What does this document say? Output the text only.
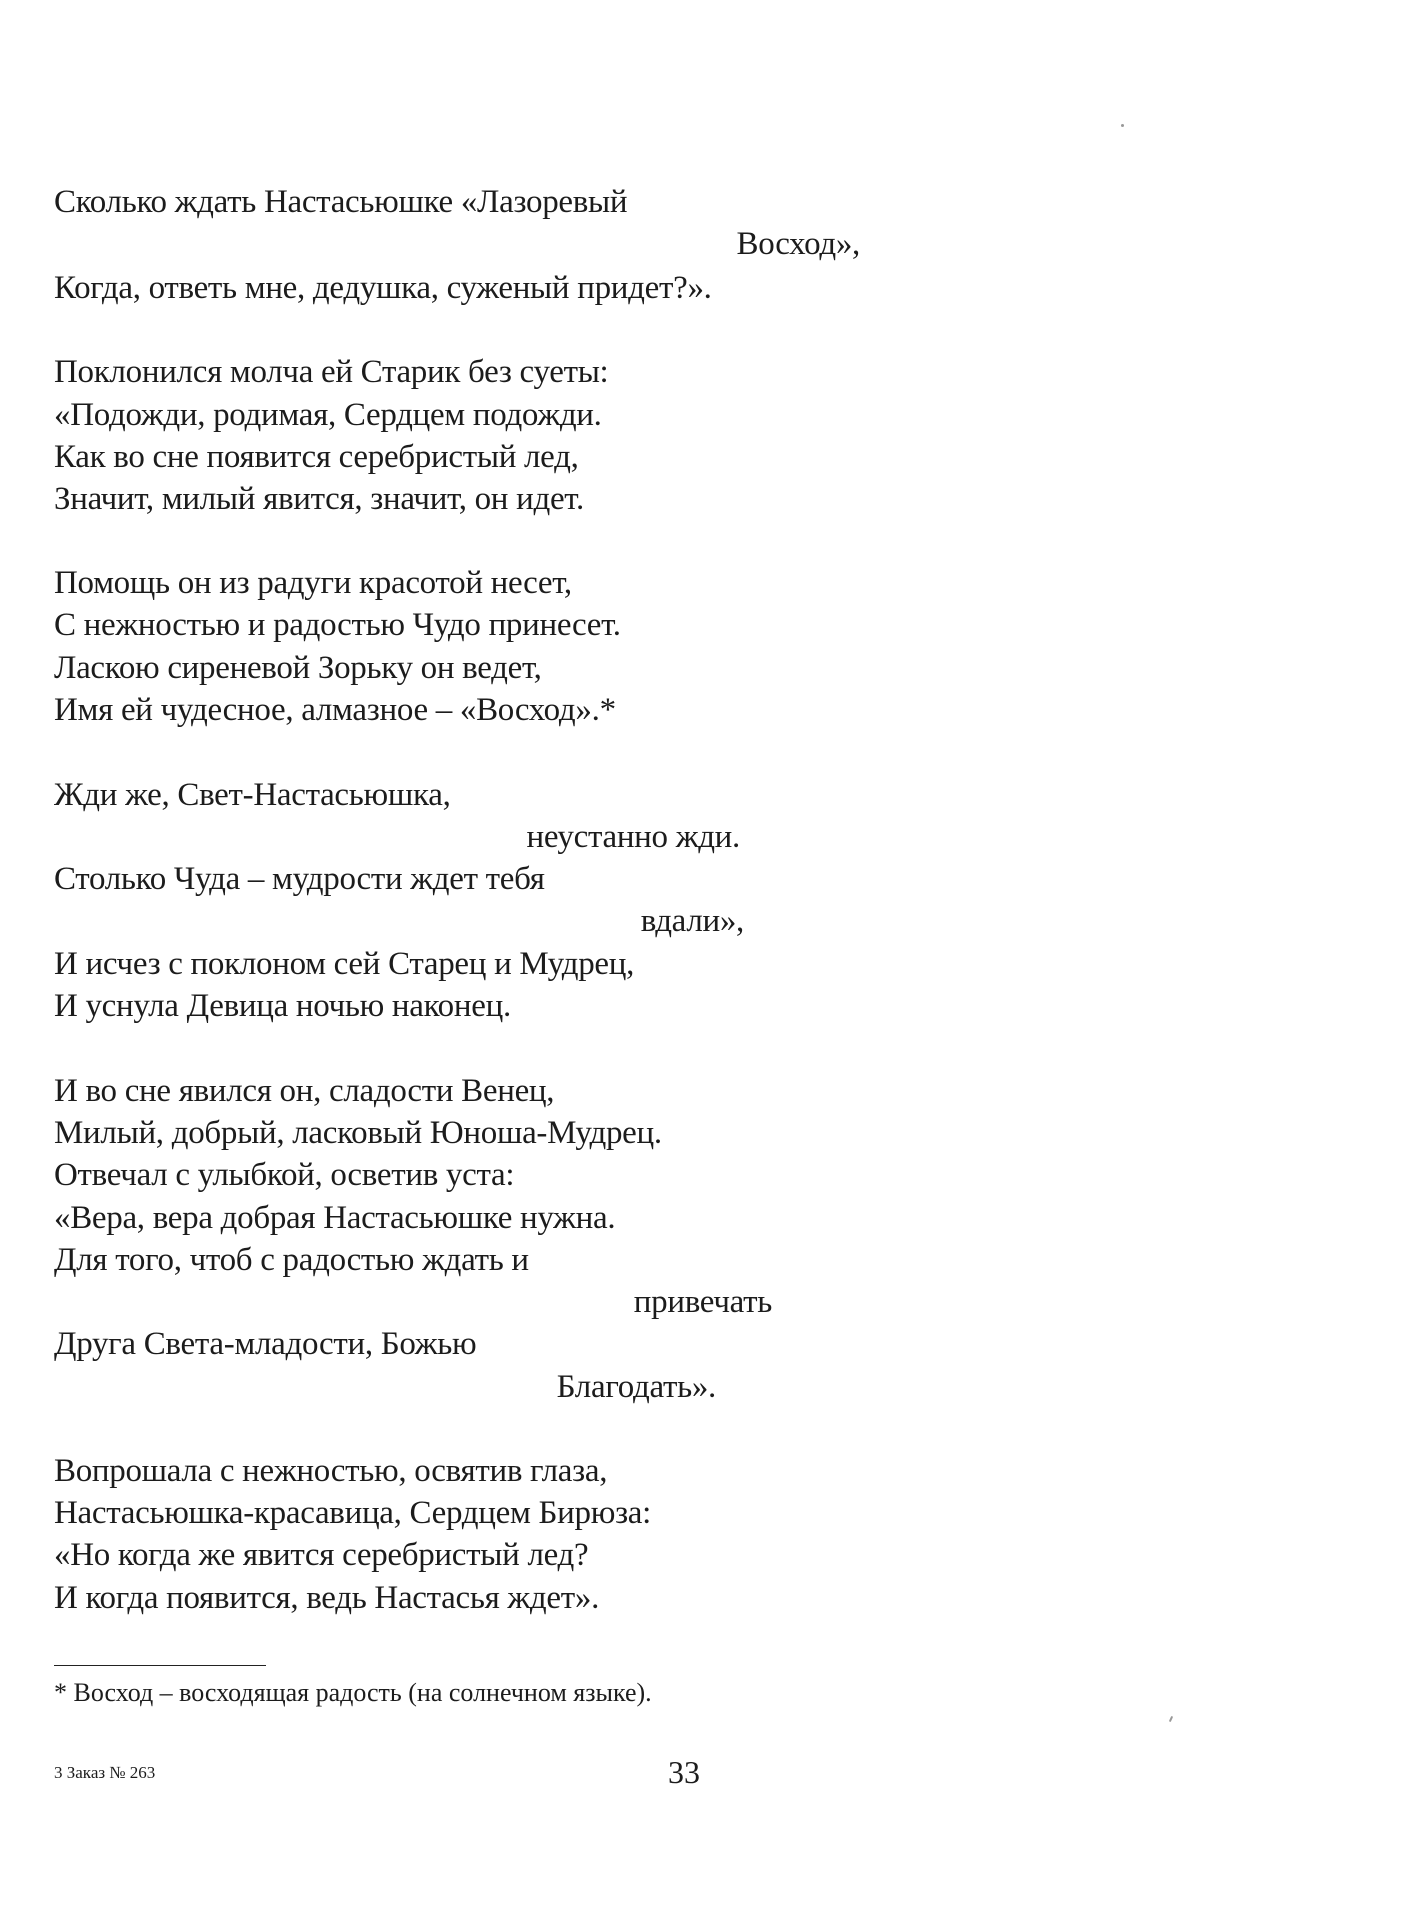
Сколько ждать Настасьюшке «Лазоревый
Восход»,
Когда, ответь мне, дедушка, суженый придет?».
Поклонился молча ей Старик без суеты:
«Подожди, родимая, Сердцем подожди.
Как во сне появится серебристый лед,
Значит, милый явится, значит, он идет.
Помощь он из радуги красотой несет,
С нежностью и радостью Чудо принесет.
Ласкою сиреневой Зорьку он ведет,
Имя ей чудесное, алмазное – «Восход».*
Жди же, Свет-Настасьюшка,
неустанно жди.
Столько Чуда – мудрости ждет тебя
вдали»,
И исчез с поклоном сей Старец и Мудрец,
И уснула Девица ночью наконец.
И во сне явился он, сладости Венец,
Милый, добрый, ласковый Юноша-Мудрец.
Отвечал с улыбкой, осветив уста:
«Вера, вера добрая Настасьюшке нужна.
Для того, чтоб с радостью ждать и
привечать
Друга Света-младости, Божью
Благодать».
Вопрошала с нежностью, освятив глаза,
Настасьюшка-красавица, Сердцем Бирюза:
«Но когда же явится серебристый лед?
И когда появится, ведь Настасья ждет».
* Восход – восходящая радость (на солнечном языке).
3 Заказ № 263	33
